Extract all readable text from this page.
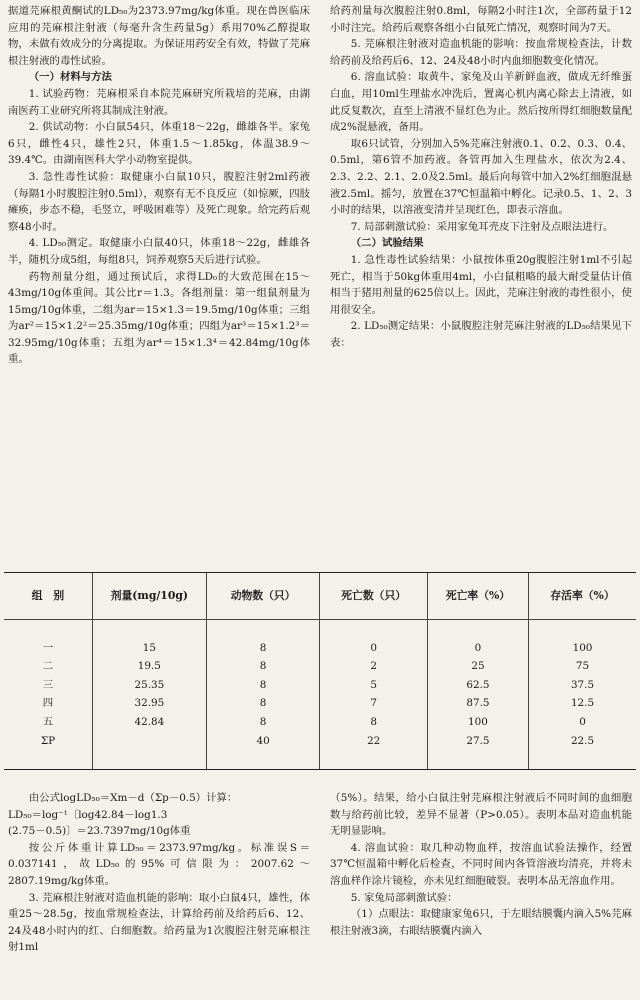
据道芫麻根黄酮试的LD₅₀为2373.97mg/kg体重。现在兽医临床应用的芫麻根注射液（每毫升含生药量5g）系用70%乙醇提取物，未做有效成分的分离提取。为保证用药安全有效，特做了芫麻根注射液的毒性试验。

（一）材料与方法

1. 试验药物：芫麻根采自本院芫麻研究所栽培的芫麻，由湖南医药工业研究所将其制成注射液。

2. 供试动物：小白鼠54只，体重18～22g，雌雄各半。家兔6只，雌性4只，雄性2只，体重1.5～1.85kg，体温38.9～39.4℃。由湖南医科大学小动物室提供。

3. 急性毒性试验：取健康小白鼠10只，腹腔注射2ml药液（每隔1小时腹腔注射0.5ml），观察有无不良反应（如惊厥，四肢瘫痪，步态不稳，毛竖立，呼吸困难等）及死亡现象。给完药后观察48小时。

4. LD₅₀测定。取健康小白鼠40只，体重18～22g，雌雄各半，随机分成5组，每组8只，饲养观察5天后进行试验。

药物剂量分组，通过预试后，求得LD₀的大致范围在15～43mg/10g体重间。其公比r＝1.3。各组剂量：第一组鼠剂量为15mg/10g体重，二组为ar＝15×1.3＝19.5mg/10g体重；三组为ar²＝15×1.2²＝25.35mg/10g体重；四组为ar³＝15×1.2³＝32.95mg/10g体重；五组为ar⁴＝15×1.3⁴＝42.84mg/10g体重。

给药剂量每次腹腔注射0.8ml，每隔2小时注1次，全部药量于12小时注完。给药后观察各组小白鼠死亡情况，观察时间为7天。

5. 芫麻根注射液对造血机能的影响：按血常规检查法，计数给药前及给药后6、12、24及48小时内血细胞数变化情况。

6. 溶血试验：取黄牛、家兔及山羊新鲜血液，做成无纤维蛋白血，用10ml生理盐水冲洗后，置离心机内离心除去上清液，如此反复数次，直至上清液不显红色为止。然后按所得红细胞数量配成2%混悬液，备用。

取6只试管，分别加入5%芫麻注射液0.1、0.2、0.3、0.4、0.5ml，第6管不加药液。各管再加入生理盐水，依次为2.4、2.3、2.2、2.1、2.0及2.5ml。最后向每管中加入2%红细胞混悬液2.5ml。摇匀，放置在37℃恒温箱中孵化。记录0.5、1、2、3小时的结果，以溶液变清并呈现红色，即表示溶血。

7. 局部刺激试验：采用家兔耳壳皮下注射及点眼法进行。

（二）试验结果

1. 急性毒性试验结果：小鼠按体重20g腹腔注射1ml不引起死亡，相当于50kg体重用4ml，小白鼠粗略的最大耐受量估计值相当于猪用剂量的625倍以上。因此，芫麻注射液的毒性很小，使用很安全。

2. LD₅₀测定结果：小鼠腹腔注射芫麻注射液的LD₅₀结果见下表：

组　别	剂量(mg/10g)	动物数（只）	死亡数（只）	死亡率（%）	存活率（%）

一	15	8	0	0	100
二	19.5	8	2	25	75
三	25.35	8	5	62.5	37.5
四	32.95	8	7	87.5	12.5
五	42.84	8	8	100	0
ΣP		40	22	27.5	22.5

由公式logLD₅₀＝Xm－d（Σp－0.5）计算：

LD₅₀＝log⁻¹〔log42.84－log1.3

(2.75－0.5)〕＝23.7397mg/10g体重

按公斤体重计算LD₅₀＝2373.97mg/kg。标准误S＝0.037141，故LD₅₀的95%可信限为：2007.62～2807.19mg/kg体重。

3. 芫麻根注射液对造血机能的影响：取小白鼠4只，雄性，体重25～28.5g，按血常规检查法，计算给药前及给药后6、12、24及48小时内的红、白细胞数。给药量为1次腹腔注射芫麻根注射1ml

（5%）。结果，给小白鼠注射芫麻根注射液后不同时间的血细胞数与给药前比较，差异不显著（P>0.05）。表明本品对造血机能无明显影响。

4. 溶血试验：取几种动物血样，按溶血试验法操作，经置37℃恒温箱中孵化后检查，不同时间内各管溶液均清亮，并将未溶血样作涂片镜检，亦未见红细胞破裂。表明本品无溶血作用。

5. 家兔局部刺激试验：

（1）点眼法：取健康家兔6只，于左眼结膜囊内滴入5%芫麻根注射液3滴，右眼结膜囊内滴入
